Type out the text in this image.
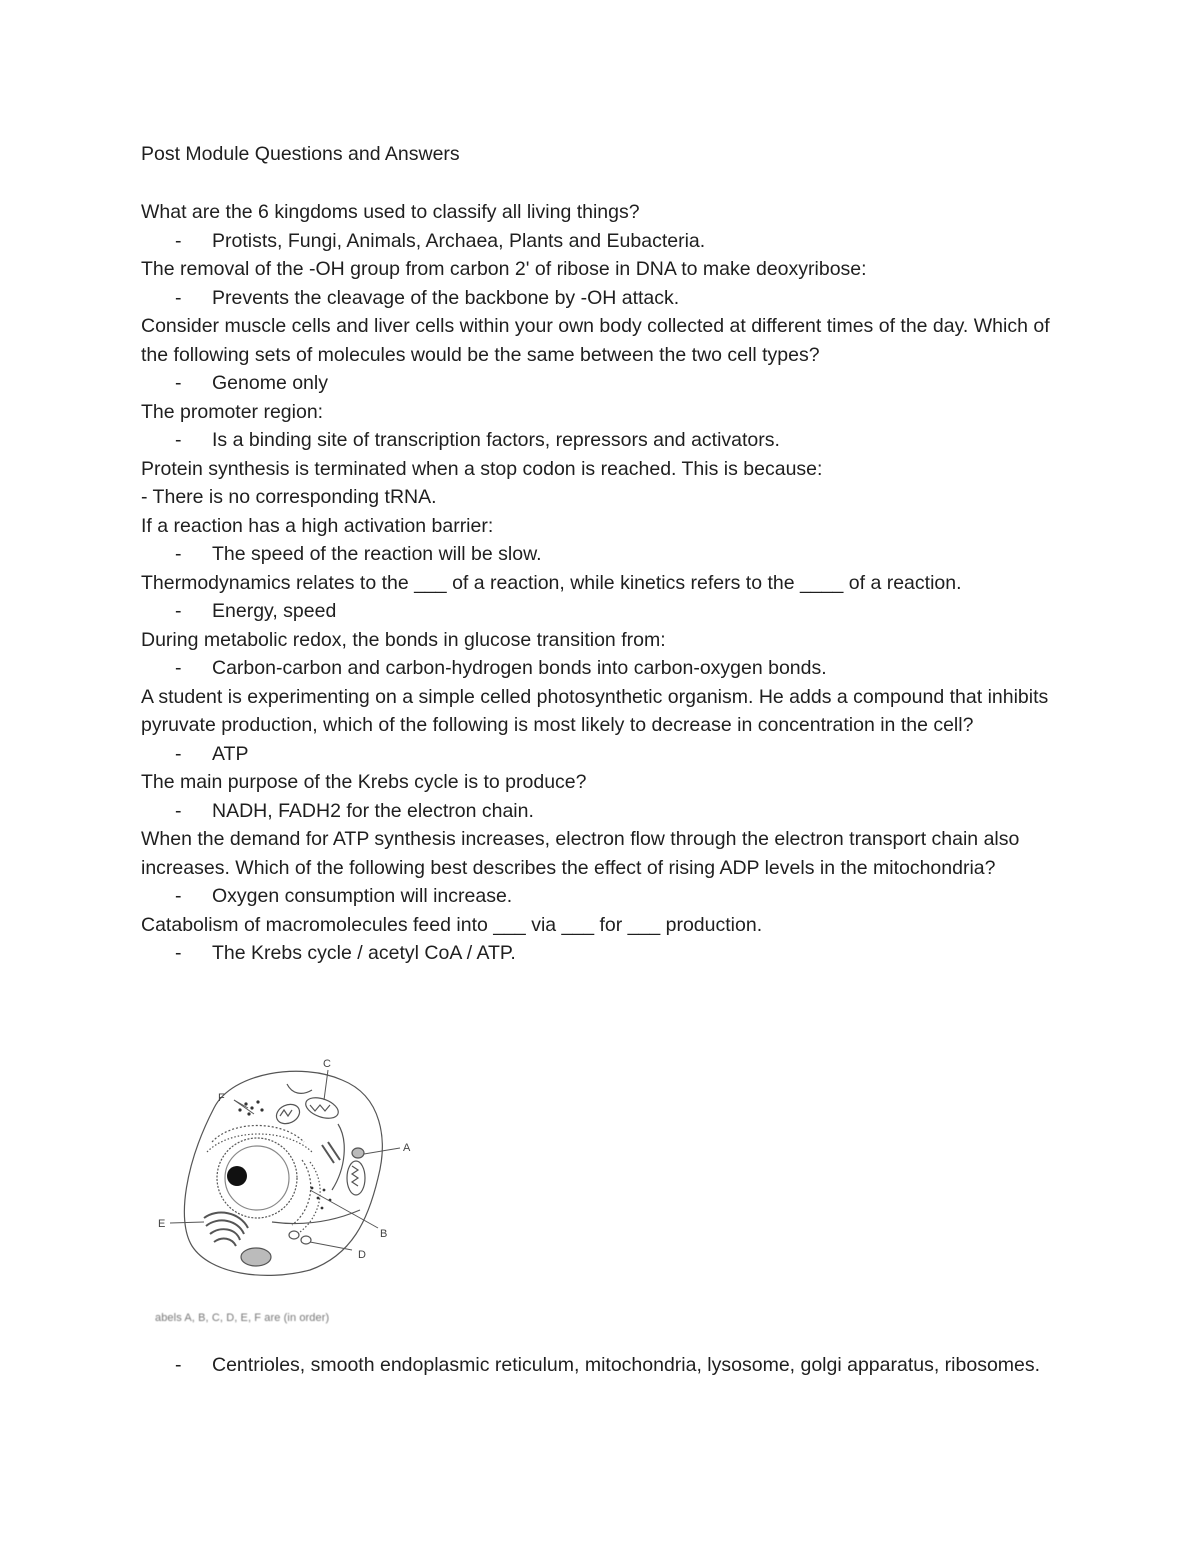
Post Module Questions and Answers

What are the 6 kingdoms used to classify all living things?

- Protists, Fungi, Animals, Archaea, Plants and Eubacteria.

The removal of the -OH group from carbon 2' of ribose in DNA to make deoxyribose:

- Prevents the cleavage of the backbone by -OH attack.

Consider muscle cells and liver cells within your own body collected at different times of the day. Which of the following sets of molecules would be the same between the two cell types?

- Genome only

The promoter region:

- Is a binding site of transcription factors, repressors and activators.

Protein synthesis is terminated when a stop codon is reached. This is because:

- There is no corresponding tRNA.

If a reaction has a high activation barrier:

- The speed of the reaction will be slow.

Thermodynamics relates to the ___ of a reaction, while kinetics refers to the ____ of a reaction.

- Energy, speed

During metabolic redox, the bonds in glucose transition from:

- Carbon-carbon and carbon-hydrogen bonds into carbon-oxygen bonds.

A student is experimenting on a simple celled photosynthetic organism. He adds a compound that inhibits pyruvate production, which of the following is most likely to decrease in concentration in the cell?

- ATP

The main purpose of the Krebs cycle is to produce?

- NADH, FADH2 for the electron chain.

When the demand for ATP synthesis increases, electron flow through the electron transport chain also increases. Which of the following best describes the effect of rising ADP levels in the mitochondria?

- Oxygen consumption will increase.

Catabolism of macromolecules feed into ___ via ___ for ___ production.

- The Krebs cycle / acetyl CoA / ATP.

C
F
A
B
D
E
abels A, B, C, D, E, F are (in order)

- Centrioles, smooth endoplasmic reticulum, mitochondria, lysosome, golgi apparatus, ribosomes.
